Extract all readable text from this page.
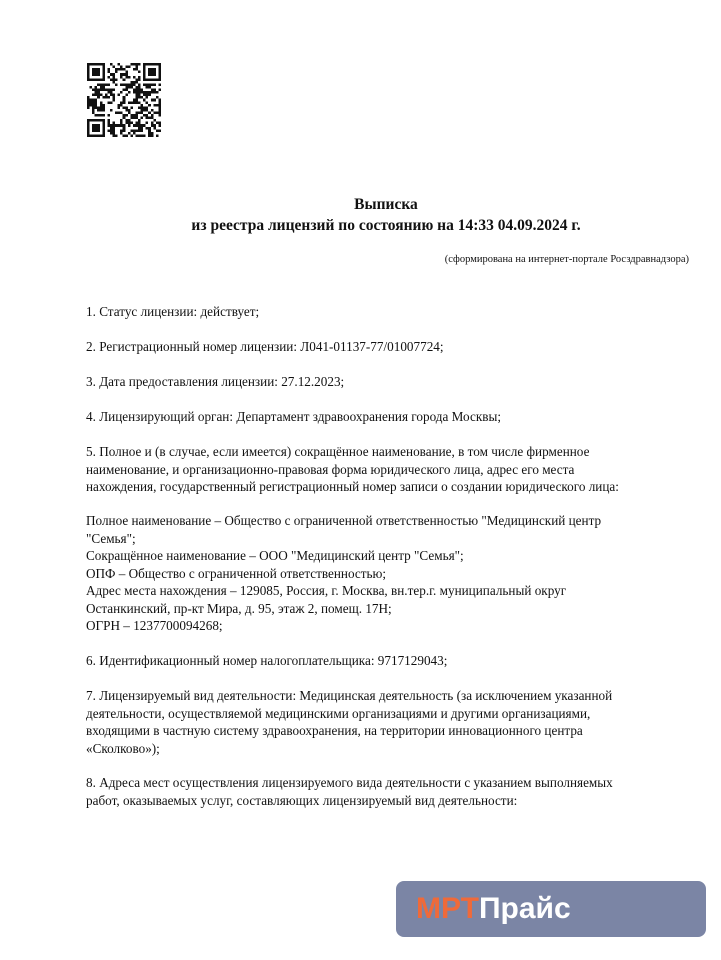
Выписка
из реестра лицензий по состоянию на 14:33 04.09.2024 г.
(сформирована на интернет-портале Росздравнадзора)
1. Статус лицензии: действует;
2. Регистрационный номер лицензии: Л041-01137-77/01007724;
3. Дата предоставления лицензии: 27.12.2023;
4. Лицензирующий орган: Департамент здравоохранения города Москвы;
5. Полное и (в случае, если имеется) сокращённое наименование, в том числе фирменное
наименование, и организационно-правовая форма юридического лица, адрес его места
нахождения, государственный регистрационный номер записи о создании юридического лица:
Полное наименование – Общество с ограниченной ответственностью "Медицинский центр
"Семья";
Сокращённое наименование – ООО "Медицинский центр "Семья";
ОПФ – Общество с ограниченной ответственностью;
Адрес места нахождения – 129085, Россия, г. Москва, вн.тер.г. муниципальный округ
Останкинский, пр-кт Мира, д. 95, этаж 2, помещ. 17Н;
ОГРН – 1237700094268;
6. Идентификационный номер налогоплательщика: 9717129043;
7. Лицензируемый вид деятельности: Медицинская деятельность (за исключением указанной
деятельности, осуществляемой медицинскими организациями и другими организациями,
входящими в частную систему здравоохранения, на территории инновационного центра
«Сколково»);
8. Адреса мест осуществления лицензируемого вида деятельности с указанием выполняемых
работ, оказываемых услуг, составляющих лицензируемый вид деятельности:
МРТ Прайс
